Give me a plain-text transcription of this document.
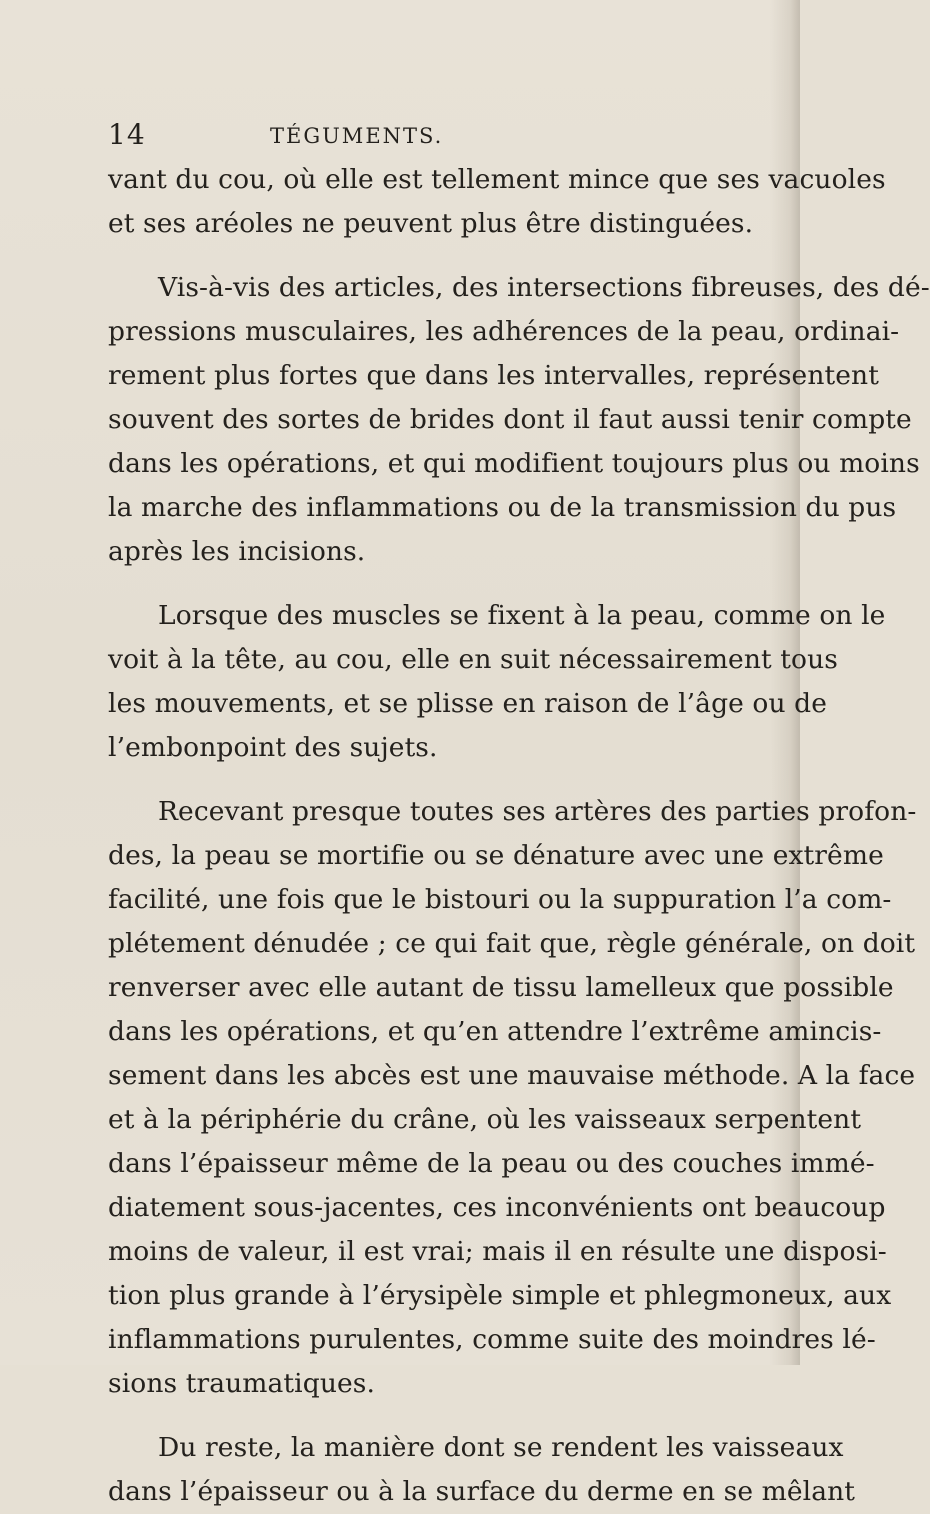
14	TÉGUMENTS.
vant du cou, où elle est tellement mince que ses vacuoles
et ses aréoles ne peuvent plus être distinguées.
Vis-à-vis des articles, des intersections fibreuses, des dé-
pressions musculaires, les adhérences de la peau, ordinai-
rement plus fortes que dans les intervalles, représentent
souvent des sortes de brides dont il faut aussi tenir compte
dans les opérations, et qui modifient toujours plus ou moins
la marche des inflammations ou de la transmission du pus
après les incisions.
Lorsque des muscles se fixent à la peau, comme on le
voit à la tête, au cou, elle en suit nécessairement tous
les mouvements, et se plisse en raison de l’âge ou de
l’embonpoint des sujets.
Recevant presque toutes ses artères des parties profon-
des, la peau se mortifie ou se dénature avec une extrême
facilité, une fois que le bistouri ou la suppuration l’a com-
plétement dénudée ; ce qui fait que, règle générale, on doit
renverser avec elle autant de tissu lamelleux que possible
dans les opérations, et qu’en attendre l’extrême amincis-
sement dans les abcès est une mauvaise méthode. A la face
et à la périphérie du crâne, où les vaisseaux serpentent
dans l’épaisseur même de la peau ou des couches immé-
diatement sous-jacentes, ces inconvénients ont beaucoup
moins de valeur, il est vrai; mais il en résulte une disposi-
tion plus grande à l’érysipèle simple et phlegmoneux, aux
inflammations purulentes, comme suite des moindres lé-
sions traumatiques.
Du reste, la manière dont se rendent les vaisseaux
dans l’épaisseur ou à la surface du derme en se mêlant
